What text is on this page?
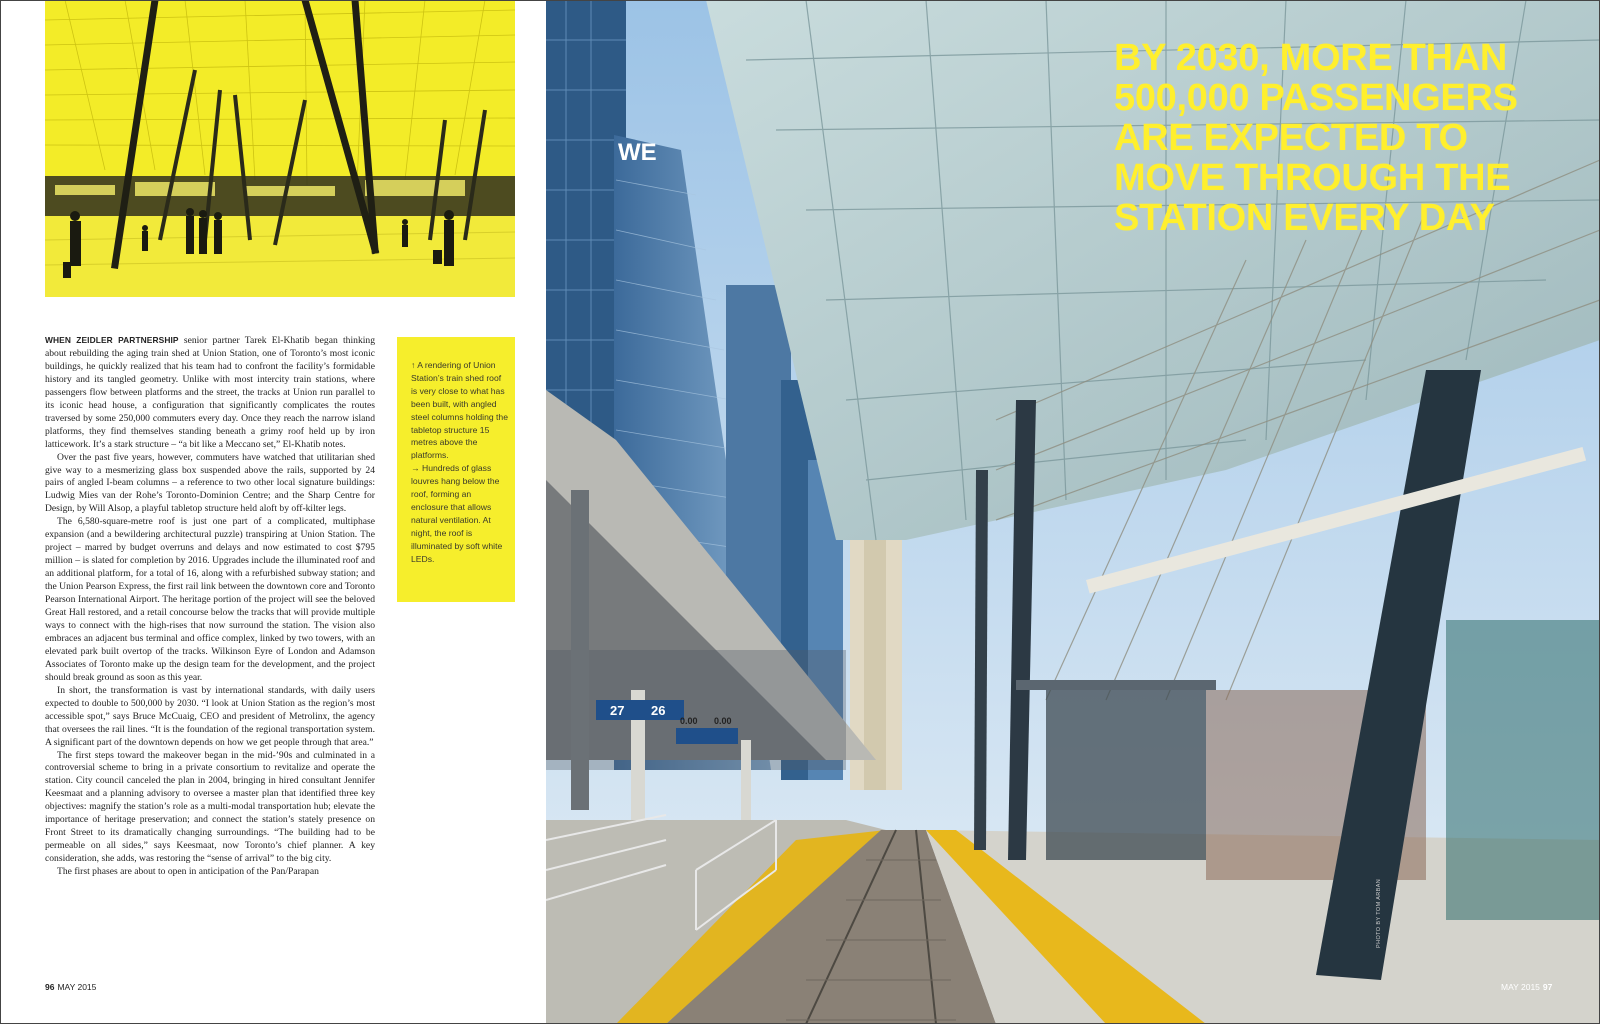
WHEN ZEIDLER PARTNERSHIP senior partner Tarek El-Khatib began thinking about rebuilding the aging train shed at Union Station, one of Toronto’s most iconic buildings, he quickly realized that his team had to confront the facility’s formidable history and its tangled geometry. Unlike with most intercity train stations, where passengers flow between platforms and the street, the tracks at Union run parallel to its iconic head house, a configuration that significantly complicates the routes traversed by some 250,000 commuters every day. Once they reach the narrow island platforms, they find themselves standing beneath a grimy roof held up by iron latticework. It’s a stark structure – “a bit like a Meccano set,” El-Khatib notes.

Over the past five years, however, commuters have watched that utilitarian shed give way to a mesmerizing glass box suspended above the rails, supported by 24 pairs of angled I-beam columns – a reference to two other local signature buildings: Ludwig Mies van der Rohe’s Toronto-Dominion Centre; and the Sharp Centre for Design, by Will Alsop, a playful tabletop structure held aloft by off-kilter legs.

The 6,580-square-metre roof is just one part of a complicated, multiphase expansion (and a bewildering architectural puzzle) transpiring at Union Station. The project – marred by budget overruns and delays and now estimated to cost $795 million – is slated for completion by 2016. Upgrades include the illuminated roof and an additional platform, for a total of 16, along with a refurbished subway station; and the Union Pearson Express, the first rail link between the downtown core and Toronto Pearson International Airport. The heritage portion of the project will see the beloved Great Hall restored, and a retail concourse below the tracks that will provide multiple ways to connect with the high-rises that now surround the station. The vision also embraces an adjacent bus terminal and office complex, linked by two towers, with an elevated park built overtop of the tracks. Wilkinson Eyre of London and Adamson Associates of Toronto make up the design team for the development, and the project should break ground as soon as this year.

In short, the transformation is vast by international standards, with daily users expected to double to 500,000 by 2030. “I look at Union Station as the region’s most accessible spot,” says Bruce McCuaig, CEO and president of Metrolinx, the agency that oversees the rail lines. “It is the foundation of the regional transportation system. A significant part of the downtown depends on how we get people through that area.”

The first steps toward the makeover began in the mid-’90s and culminated in a controversial scheme to bring in a private consortium to revitalize and operate the station. City council canceled the plan in 2004, bringing in hired consultant Jennifer Keesmaat and a planning advisory to oversee a master plan that identified three key objectives: magnify the station’s role as a multi-modal transportation hub; elevate the importance of heritage preservation; and connect the station’s stately presence on Front Street to its dramatically changing surroundings. “The building had to be permeable on all sides,” says Keesmaat, now Toronto’s chief planner. A key consideration, she adds, was restoring the “sense of arrival” to the big city.

The first phases are about to open in anticipation of the Pan/Parapan

↑ A rendering of Union Station’s train shed roof is very close to what has been built, with angled steel columns holding the tabletop structure 15 metres above the platforms.

→ Hundreds of glass louvres hang below the roof, forming an enclosure that allows natural ventilation. At night, the roof is illuminated by soft white LEDs.

96 MAY 2015
WE
27 26
0.00 0.00
PHOTO BY TOM ARBAN
BY 2030, MORE THAN
500,000 PASSENGERS
ARE EXPECTED TO
MOVE THROUGH THE
STATION EVERY DAY
MAY 2015 97
